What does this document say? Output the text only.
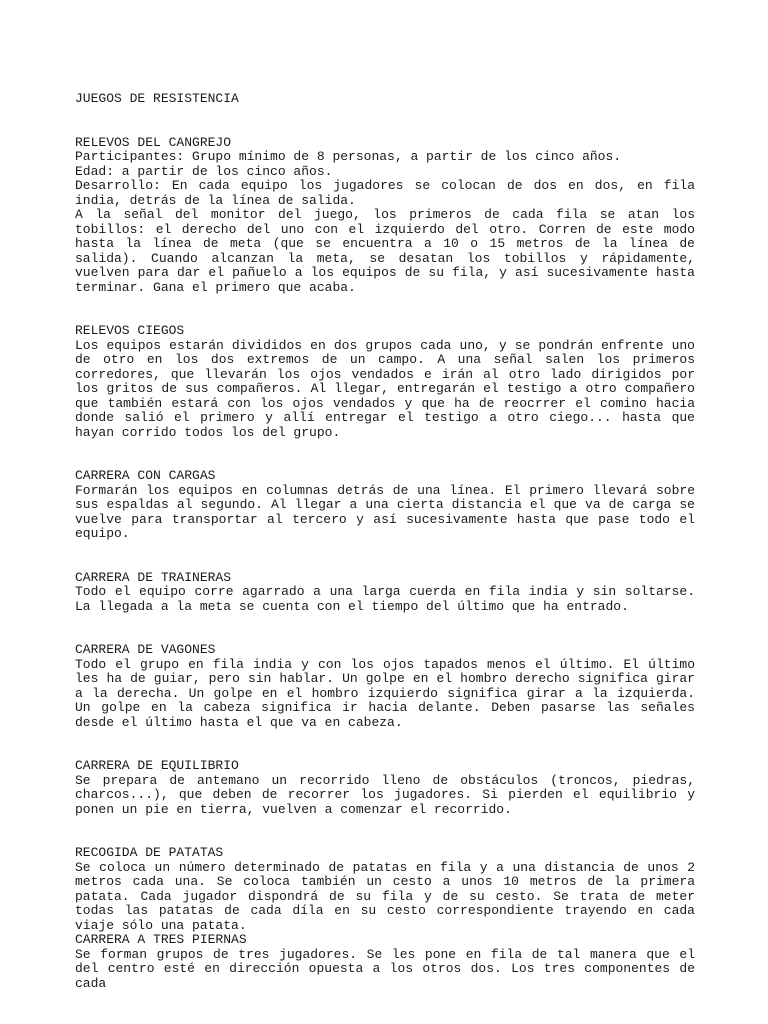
JUEGOS DE RESISTENCIA
RELEVOS DEL CANGREJO

Participantes: Grupo mínimo de 8 personas, a partir de los cinco años.

Edad: a partir de los cinco años.

Desarrollo: En cada equipo los jugadores se colocan de dos en dos, en fila india, detrás de la línea de salida.

A la señal del monitor del juego, los primeros de cada fila se atan los tobillos: el derecho del uno con el izquierdo del otro. Corren de este modo hasta la línea de meta (que se encuentra a 10 o 15 metros de la línea de salida). Cuando alcanzan la meta, se desatan los tobillos y rápidamente, vuelven para dar el pañuelo a los equipos de su fila, y así sucesivamente hasta terminar. Gana el primero que acaba.

RELEVOS CIEGOS

Los equipos estarán divididos en dos grupos cada uno, y se pondrán enfrente uno de otro en los dos extremos de un campo. A una señal salen los primeros corredores, que llevarán los ojos vendados e irán al otro lado dirigidos por los gritos de sus compañeros. Al llegar, entregarán el testigo a otro compañero que también estará con los ojos vendados y que ha de reocrrer el comino hacia donde salió el primero y allí entregar el testigo a otro ciego... hasta que hayan corrido todos los del grupo.

CARRERA CON CARGAS

Formarán los equipos en columnas detrás de una línea. El primero llevará sobre sus espaldas al segundo. Al llegar a una cierta distancia el que va de carga se vuelve para transportar al tercero y así sucesivamente hasta que pase todo el equipo.

CARRERA DE TRAINERAS

Todo el equipo corre agarrado a una larga cuerda en fila india y sin soltarse. La llegada a la meta se cuenta con el tiempo del último que ha entrado.

CARRERA DE VAGONES

Todo el grupo en fila india y con los ojos tapados menos el último. El último les ha de guiar, pero sin hablar. Un golpe en el hombro derecho significa girar a la derecha. Un golpe en el hombro izquierdo significa girar a la izquierda. Un golpe en la cabeza significa ir hacia delante. Deben pasarse las señales desde el último hasta el que va en cabeza.

CARRERA DE EQUILIBRIO

Se prepara de antemano un recorrido lleno de obstáculos (troncos, piedras, charcos...), que deben de recorrer los jugadores. Si pierden el equilibrio y ponen un pie en tierra, vuelven a comenzar el recorrido.

RECOGIDA DE PATATAS

Se coloca un número determinado de patatas en fila y a una distancia de unos 2 metros cada una. Se coloca también un cesto a unos 10 metros de la primera patata. Cada jugador dispondrá de su fila y de su cesto. Se trata de meter todas las patatas de cada díla en su cesto correspondiente trayendo en cada viaje sólo una patata.

CARRERA A TRES PIERNAS

Se forman grupos de tres jugadores. Se les pone en fila de tal manera que el del centro esté en dirección opuesta a los otros dos. Los tres componentes de cada
